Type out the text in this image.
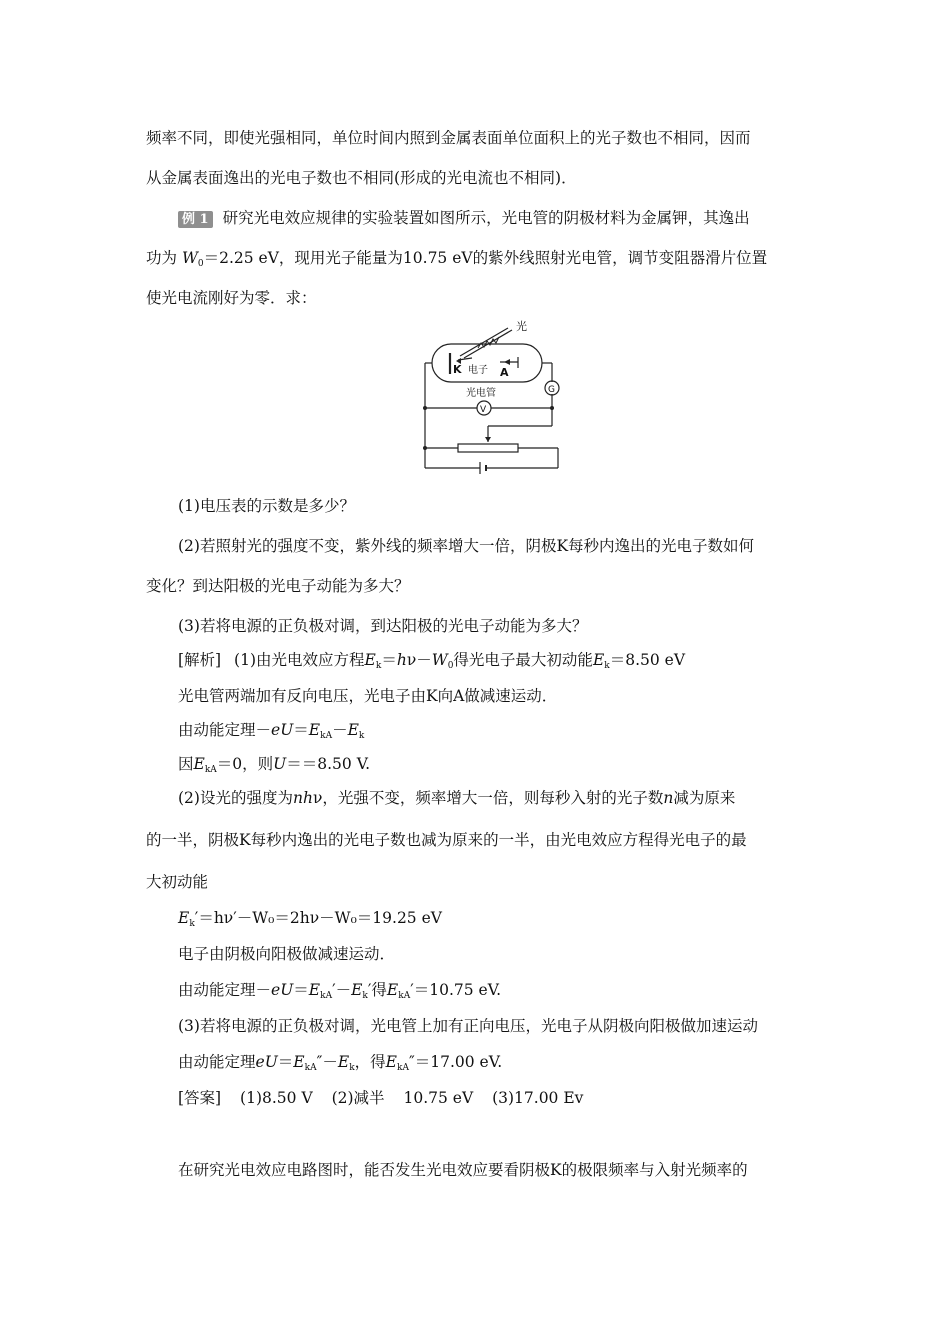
频率不同，即使光强相同，单位时间内照到金属表面单位面积上的光子数也不相同，因而
从金属表面逸出的光电子数也不相同(形成的光电流也不相同)．
例 1 研究光电效应规律的实验装置如图所示，光电管的阴极材料为金属钾，其逸出
功为 $W_0=2.25$ eV，现用光子能量为10.75 eV的紫外线照射光电管，调节变阻器滑片位置
使光电流刚好为零．求：
光
K 电子 A
光电管	G
V
(1)电压表的示数是多少？
(2)若照射光的强度不变，紫外线的频率增大一倍，阴极K每秒内逸出的光电子数如何
变化？到达阳极的光电子动能为多大？
(3)若将电源的正负极对调，到达阳极的光电子动能为多大？
[解析] (1)由光电效应方程$E_k=h\nu-W_0$得光电子最大初动能$E_k=8.50$ eV
光电管两端加有反向电压，光电子由K向A做减速运动．
由动能定理$-eU=E_{kA}-E_k$
因$E_{kA}=0$，则U＝＝8.50 V.
(2)设光的强度为nhν，光强不变，频率增大一倍，则每秒入射的光子数n减为原来
的一半，阴极K每秒内逸出的光电子数也减为原来的一半，由光电效应方程得光电子的最
大初动能
$E_k'=h\nu'-W_0=2h\nu-W_0=19.25$ eV
电子由阴极向阳极做减速运动．
由动能定理$-eU=E_{kA}'-E_k'$得$E_{kA}'=10.75$ eV.
(3)若将电源的正负极对调，光电管上加有正向电压，光电子从阴极向阳极做加速运动
由动能定理$eU=E_{kA}''-E_k$，得$E_{kA}''=17.00$ eV.
[答案] (1)8.50 V (2)减半 10.75 eV (3)17.00 Ev
在研究光电效应电路图时，能否发生光电效应要看阴极K的极限频率与入射光频率的
